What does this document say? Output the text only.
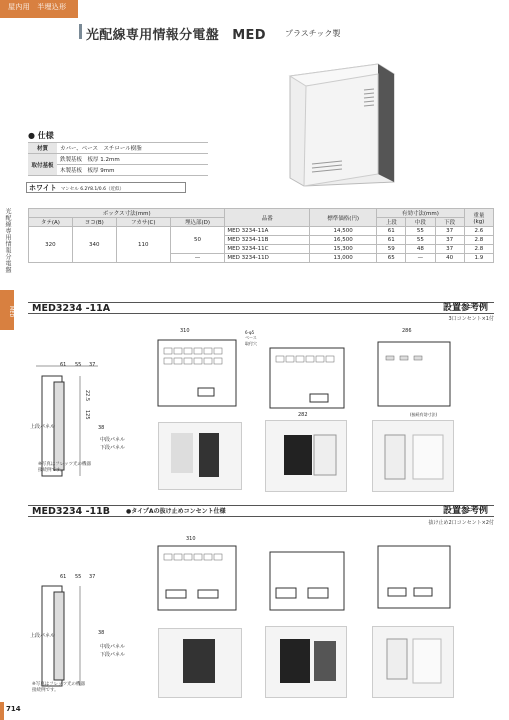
屋内用　半埋込形
光配線専用情報分電盤　MED プラスチック製
● 仕様
材質	カバー、ベース　スチロール樹脂
取付基板	鉄製基板　板厚 1.2mm
	木製基板　板厚 9mm
ホワイト マンセル 6.2Y8.1/0.6（近似）
光配線専用情報分電盤
MED
ボックス寸法(mm)				品番	標準価格(円)	有効寸法(mm)			重量
(kg)
タテ(A)	ヨコ(B)	フカサ(C)	埋込部(D)			上段	中段	下段	
320	340	110	50	MED 3234-11A	14,500	61	55	37	2.6
				MED 3234-11B	16,500	61	55	37	2.8
				MED 3234-11C	15,300	59	48	37	2.8
			—	MED 3234-11D	13,000	65	—	40	1.9
MED3234 -11A	設置参考例
3口コンセント×1付
61 55 37
22.5
125
38
上段パネル
中段パネル
下段パネル
※写真はフレッツ光の機器
接続例です。
310	6-φ5
ベース
取付穴
282
286
(接続有効寸法)
MED3234 -11B	●タイプAの抜け止めコンセント仕様	設置参考例
抜け止め2口コンセント×2付
61 55 37
38
上段パネル
中段パネル
下段パネル
※写真はフレッツ光の機器
接続例です。
310
714
